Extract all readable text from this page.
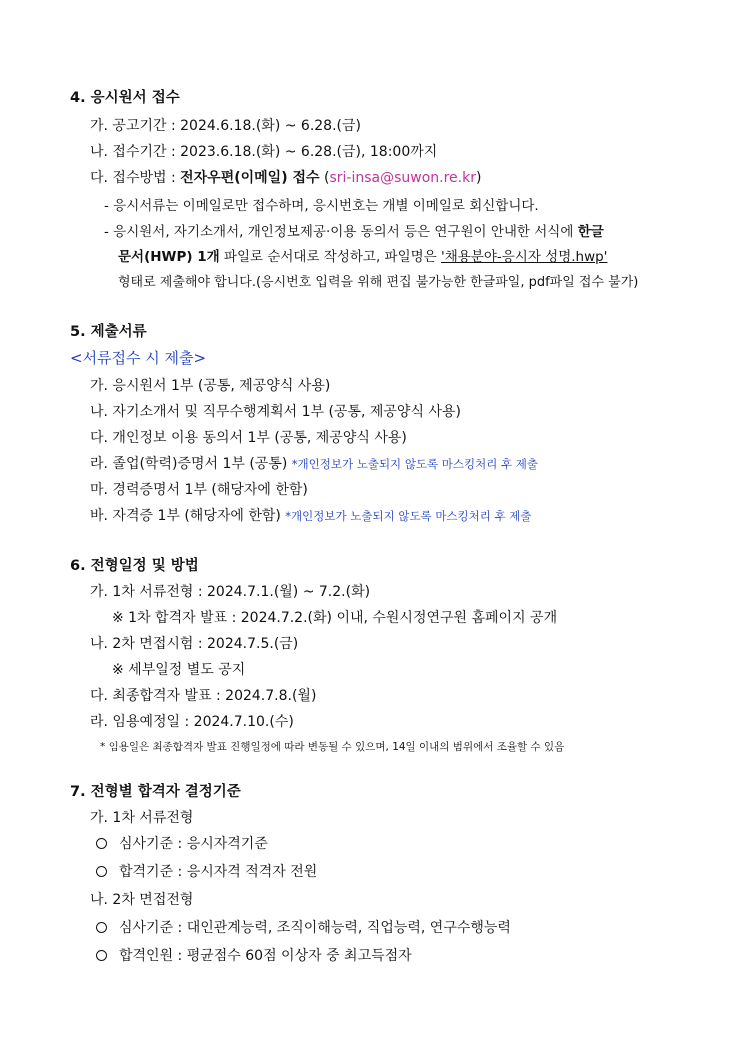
4. 응시원서 접수
가. 공고기간 : 2024.6.18.(화) ~ 6.28.(금)
나. 접수기간 : 2023.6.18.(화) ~ 6.28.(금), 18:00까지
다. 접수방법 : 전자우편(이메일) 접수 (sri-insa@suwon.re.kr)
- 응시서류는 이메일로만 접수하며, 응시번호는 개별 이메일로 회신합니다.
- 응시원서, 자기소개서, 개인정보제공·이용 동의서 등은 연구원이 안내한 서식에 한글
문서(HWP) 1개 파일로 순서대로 작성하고, 파일명은 '채용분야-응시자 성명.hwp'
형태로 제출해야 합니다.(응시번호 입력을 위해 편집 불가능한 한글파일, pdf파일 접수 불가)
5. 제출서류
<서류접수 시 제출>
가. 응시원서 1부 (공통, 제공양식 사용)
나. 자기소개서 및 직무수행계획서 1부 (공통, 제공양식 사용)
다. 개인정보 이용 동의서 1부 (공통, 제공양식 사용)
라. 졸업(학력)증명서 1부 (공통) *개인정보가 노출되지 않도록 마스킹처리 후 제출
마. 경력증명서 1부 (해당자에 한함)
바. 자격증 1부 (해당자에 한함) *개인정보가 노출되지 않도록 마스킹처리 후 제출
6. 전형일정 및 방법
가. 1차 서류전형 : 2024.7.1.(월) ~ 7.2.(화)
※ 1차 합격자 발표 : 2024.7.2.(화) 이내, 수원시정연구원 홈페이지 공개
나. 2차 면접시험 : 2024.7.5.(금)
※ 세부일정 별도 공지
다. 최종합격자 발표 : 2024.7.8.(월)
라. 임용예정일 : 2024.7.10.(수)
* 임용일은 최종합격자 발표 진행일정에 따라 변동될 수 있으며, 14일 이내의 범위에서 조율할 수 있음
7. 전형별 합격자 결정기준
가. 1차 서류전형
심사기준 : 응시자격기준
합격기준 : 응시자격 적격자 전원
나. 2차 면접전형
심사기준 : 대인관계능력, 조직이해능력, 직업능력, 연구수행능력
합격인원 : 평균점수 60점 이상자 중 최고득점자
